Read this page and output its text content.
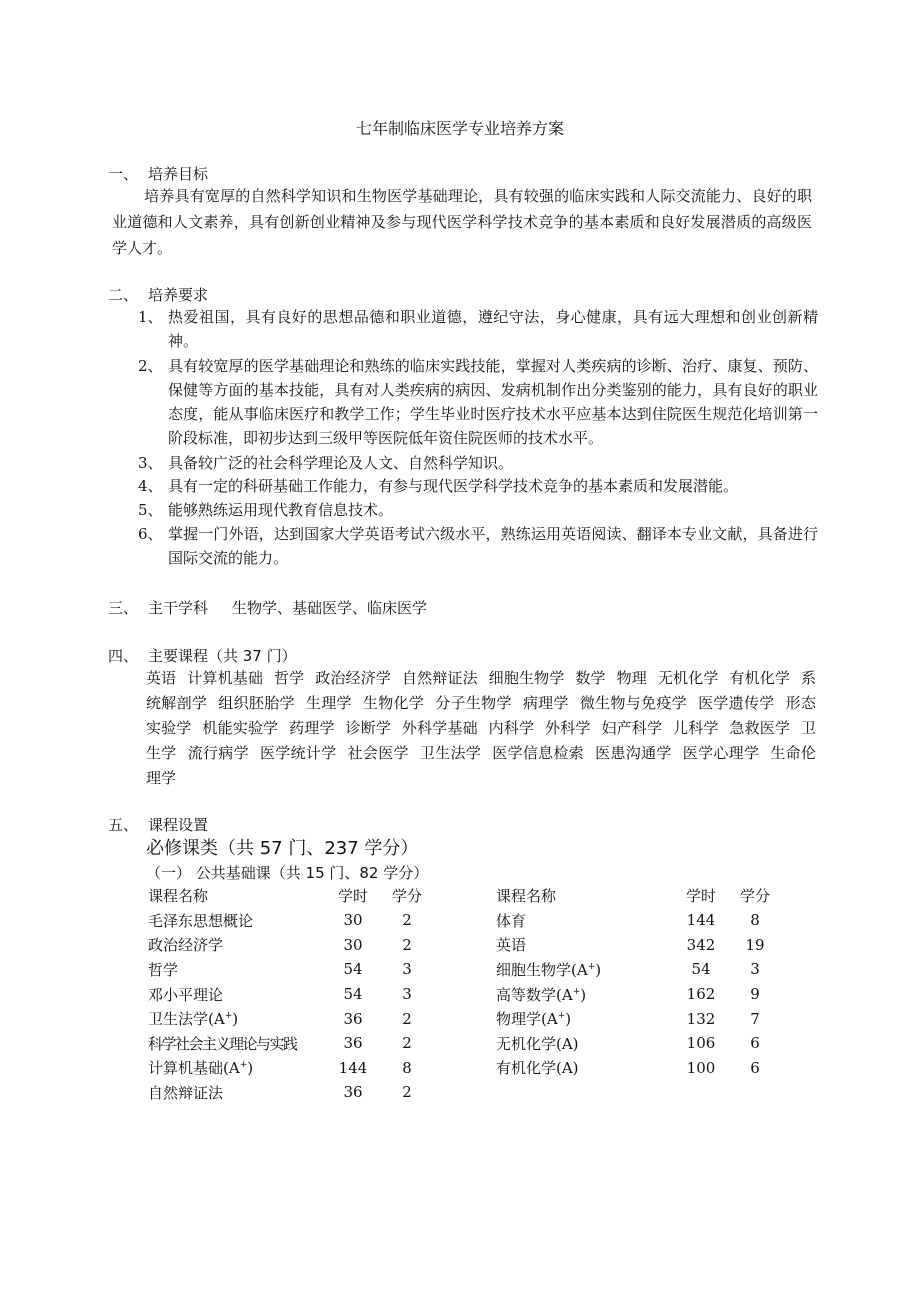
七年制临床医学专业培养方案
一、 培养目标
培养具有宽厚的自然科学知识和生物医学基础理论，具有较强的临床实践和人际交流能力、良好的职业道德和人文素养，具有创新创业精神及参与现代医学科学技术竞争的基本素质和良好发展潜质的高级医学人才。
二、 培养要求
1、 热爱祖国，具有良好的思想品德和职业道德，遵纪守法，身心健康，具有远大理想和创业创新精神。
2、 具有较宽厚的医学基础理论和熟练的临床实践技能，掌握对人类疾病的诊断、治疗、康复、预防、保健等方面的基本技能，具有对人类疾病的病因、发病机制作出分类鉴别的能力，具有良好的职业态度，能从事临床医疗和教学工作；学生毕业时医疗技术水平应基本达到住院医生规范化培训第一阶段标准，即初步达到三级甲等医院低年资住院医师的技术水平。
3、 具备较广泛的社会科学理论及人文、自然科学知识。
4、 具有一定的科研基础工作能力，有参与现代医学科学技术竞争的基本素质和发展潜能。
5、 能够熟练运用现代教育信息技术。
6、 掌握一门外语，达到国家大学英语考试六级水平，熟练运用英语阅读、翻译本专业文献，具备进行国际交流的能力。
三、 主干学科 生物学、基础医学、临床医学
四、 主要课程（共 37 门）
英语 计算机基础 哲学 政治经济学 自然辩证法 细胞生物学 数学 物理 无机化学 有机化学 系统解剖学 组织胚胎学 生理学 生物化学 分子生物学 病理学 微生物与免疫学 医学遗传学 形态实验学 机能实验学 药理学 诊断学 外科学基础 内科学 外科学 妇产科学 儿科学 急救医学 卫生学 流行病学 医学统计学 社会医学 卫生法学 医学信息检索 医患沟通学 医学心理学 生命伦理学
五、 课程设置
必修课类（共 57 门、237 学分）
（一） 公共基础课（共 15 门、82 学分）
课程名称	学时	学分
毛泽东思想概论	30	2
政治经济学	30	2
哲学	54	3
邓小平理论	54	3
卫生法学(A+)	36	2
科学社会主义理论与实践	36	2
计算机基础(A+)	144	8
自然辩证法	36	2
课程名称	学时	学分
体育	144	8
英语	342	19
细胞生物学(A+)	54	3
高等数学(A+)	162	9
物理学(A+)	132	7
无机化学(A)	106	6
有机化学(A)	100	6
